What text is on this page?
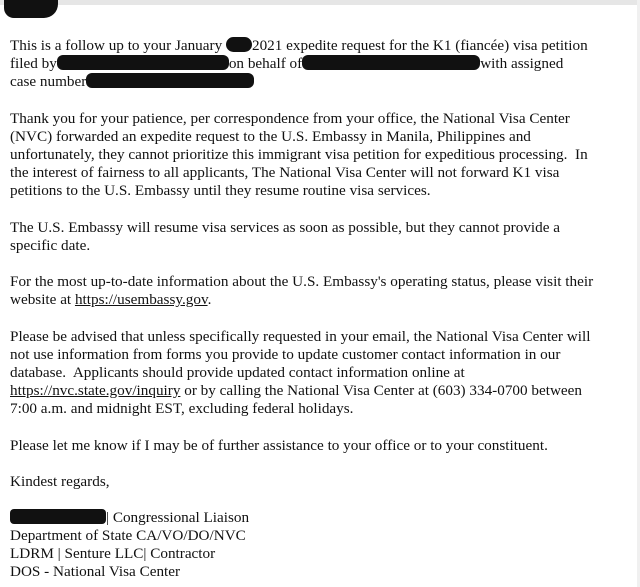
This is a follow up to your January 2021 expedite request for the K1 (fiancée) visa petition
filed by	on behalf of	with assigned
case number
Thank you for your patience, per correspondence from your office, the National Visa Center
(NVC) forwarded an expedite request to the U.S. Embassy in Manila, Philippines and
unfortunately, they cannot prioritize this immigrant visa petition for expeditious processing.  In
the interest of fairness to all applicants, The National Visa Center will not forward K1 visa
petitions to the U.S. Embassy until they resume routine visa services.
The U.S. Embassy will resume visa services as soon as possible, but they cannot provide a
specific date.
For the most up-to-date information about the U.S. Embassy's operating status, please visit their
website at https://usembassy.gov.
Please be advised that unless specifically requested in your email, the National Visa Center will
not use information from forms you provide to update customer contact information in our
database.  Applicants should provide updated contact information online at
https://nvc.state.gov/inquiry or by calling the National Visa Center at (603) 334-0700 between
7:00 a.m. and midnight EST, excluding federal holidays.
Please let me know if I may be of further assistance to your office or to your constituent.
Kindest regards,
| Congressional Liaison
Department of State CA/VO/DO/NVC
LDRM | Senture LLC| Contractor
DOS - National Visa Center
